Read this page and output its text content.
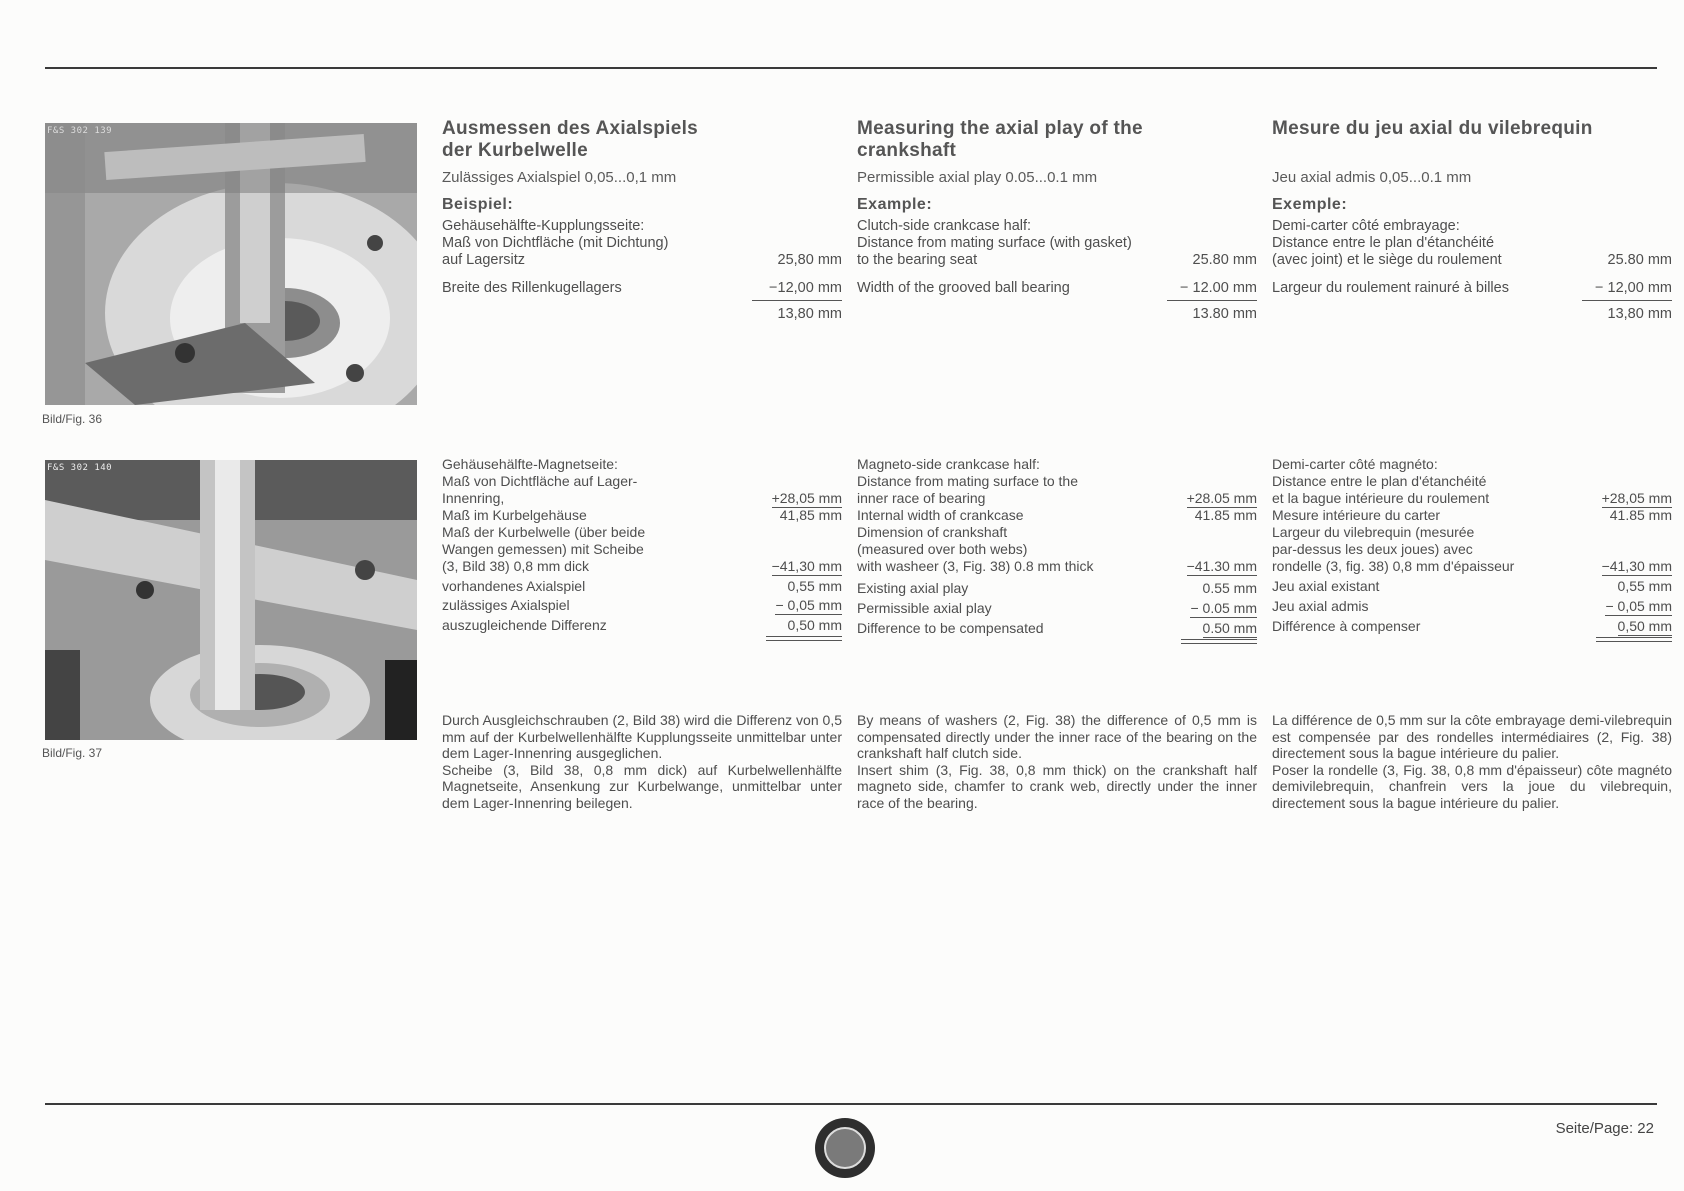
F&S 302 139
Bild/Fig. 36
F&S 302 140
Bild/Fig. 37
Ausmessen des Axialspiels
der Kurbelwelle
Zulässiges Axialspiel 0,05...0,1 mm
Beispiel:
Gehäusehälfte-Kupplungsseite:
Maß von Dichtfläche (mit Dichtung)
auf Lagersitz	25,80 mm
Breite des Rillenkugellagers	−12,00 mm
13,80 mm
Measuring the axial play of the
crankshaft
Permissible axial play 0.05...0.1 mm
Example:
Clutch-side crankcase half:
Distance from mating surface (with gasket)
to the bearing seat	25.80 mm
Width of the grooved ball bearing	− 12.00 mm
13.80 mm
Mesure du jeu axial du vilebrequin
Jeu axial admis 0,05...0.1 mm
Exemple:
Demi-carter côté embrayage:
Distance entre le plan d'étanchéité
(avec joint) et le siège du roulement	25.80 mm
Largeur du roulement rainuré à billes	− 12,00 mm
13,80 mm
Gehäusehälfte-Magnetseite:
Maß von Dichtfläche auf Lager-
Innenring,	+28,05 mm
Maß im Kurbelgehäuse	41,85 mm
Maß der Kurbelwelle (über beide
Wangen gemessen) mit Scheibe
(3, Bild 38) 0,8 mm dick	−41,30 mm
vorhandenes Axialspiel	0,55 mm
zulässiges Axialspiel	− 0,05 mm
auszugleichende Differenz	0,50 mm
Magneto-side crankcase half:
Distance from mating surface to the
inner race of bearing	+28.05 mm
Internal width of crankcase	41.85 mm
Dimension of crankshaft
(measured over both webs)
with washeer (3, Fig. 38) 0.8 mm thick	−41.30 mm
Existing axial play	0.55 mm
Permissible axial play	− 0.05 mm
Difference to be compensated	0.50 mm
Demi-carter côté magnéto:
Distance entre le plan d'étanchéité
et la bague intérieure du roulement	+28,05 mm
Mesure intérieure du carter	41.85 mm
Largeur du vilebrequin (mesurée
par-dessus les deux joues) avec
rondelle (3, fig. 38) 0,8 mm d'épaisseur	−41,30 mm
Jeu axial existant	0,55 mm
Jeu axial admis	− 0,05 mm
Différence à compenser	0,50 mm
Durch Ausgleichschrauben (2, Bild 38) wird die Differenz von 0,5 mm auf der Kurbelwellenhälfte Kupplungsseite unmittelbar unter dem Lager-Innenring ausgeglichen.
Scheibe (3, Bild 38, 0,8 mm dick) auf Kurbelwellenhälfte Magnetseite, Ansenkung zur Kurbelwange, unmittelbar unter dem Lager-Innenring beilegen.
By means of washers (2, Fig. 38) the difference of 0,5 mm is compensated directly under the inner race of the bearing on the crankshaft half clutch side.
Insert shim (3, Fig. 38, 0,8 mm thick) on the crankshaft half magneto side, chamfer to crank web, directly under the inner race of the bearing.
La différence de 0,5 mm sur la côte embrayage demi-vilebrequin est compensée par des rondelles intermédiaires (2, Fig. 38) directement sous la bague intérieure du palier.
Poser la rondelle (3, Fig. 38, 0,8 mm d'épaisseur) côte magnéto demivilebrequin, chanfrein vers la joue du vilebrequin, directement sous la bague intérieure du palier.
Seite/Page: 22
